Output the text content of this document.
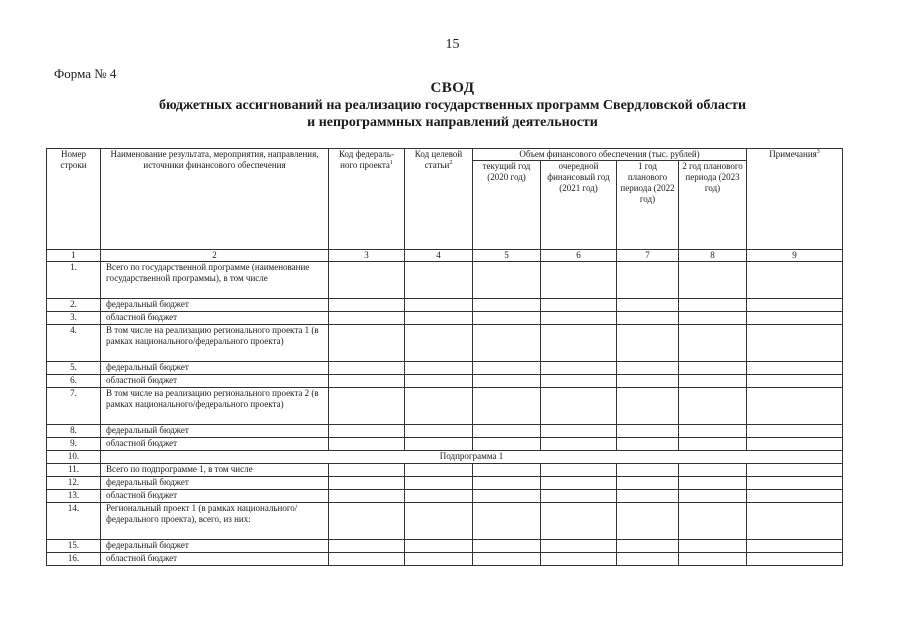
15
Форма № 4
СВОД
бюджетных ассигнований на реализацию государственных программ Свердловской области
и непрограммных направлений деятельности
Номер строки	Наименование результата, мероприятия, направления, источники финансового обеспечения	Код федераль-ного проекта$^1$	Код целевой статьи$^2$	Объем финансового обеспечения (тыс. рублей)				Примечания$^3$
				текущий год (2020 год)	очередной финансовый год (2021 год)	1 год планового периода (2022 год)	2 год планового периода (2023 год)	
1	2	3	4	5	6	7	8	9
1.	Всего по государственной программе (наименование государственной программы), в том числе							
2.	федеральный бюджет							
3.	областной бюджет							
4.	В том числе на реализацию регионального проекта 1 (в рамках национального/федерального проекта)							
5.	федеральный бюджет							
6.	областной бюджет							
7.	В том числе на реализацию регионального проекта 2 (в рамках национального/федерального проекта)							
8.	федеральный бюджет							
9.	областной бюджет							
10.	Подпрограмма 1							
11.	Всего по подпрограмме 1, в том числе							
12.	федеральный бюджет							
13.	областной бюджет							
14.	Региональный проект 1 (в рамках национального/федерального проекта), всего, из них:							
15.	федеральный бюджет							
16.	областной бюджет							
